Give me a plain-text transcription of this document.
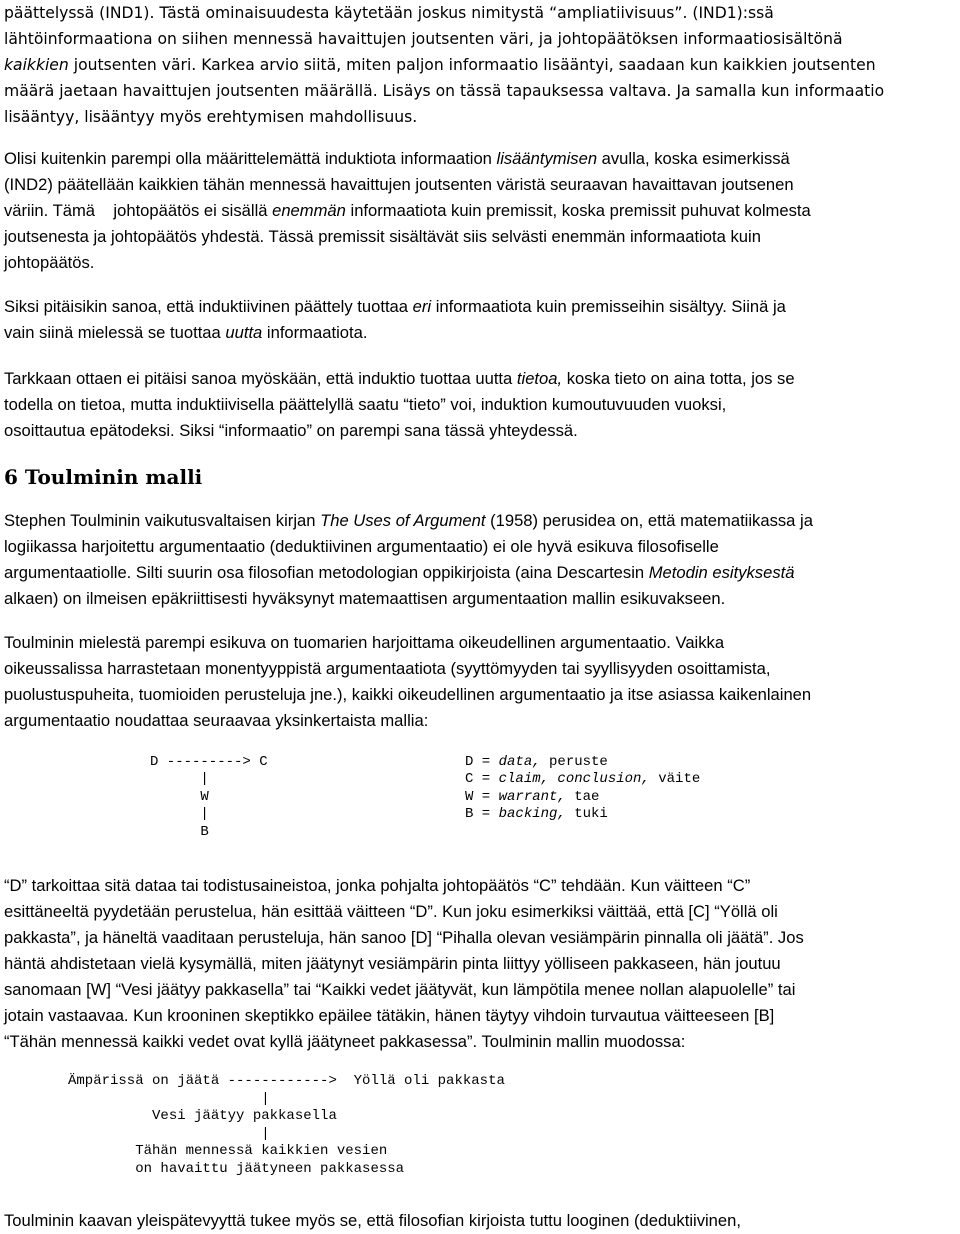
päättelyssä (IND1). Tästä ominaisuudesta käytetään joskus nimitystä “ampliatiivisuus”. (IND1):ssä

lähtöinformaationa on siihen mennessä havaittujen joutsenten väri, ja johtopäätöksen informaatiosisältönä

kaikkien joutsenten väri. Karkea arvio siitä, miten paljon informaatio lisääntyi, saadaan kun kaikkien joutsenten

määrä jaetaan havaittujen joutsenten määrällä. Lisäys on tässä tapauksessa valtava. Ja samalla kun informaatio

lisääntyy, lisääntyy myös erehtymisen mahdollisuus.

Olisi kuitenkin parempi olla määrittelemättä induktiota informaation lisääntymisen avulla, koska esimerkissä

(IND2) päätellään kaikkien tähän mennessä havaittujen joutsenten väristä seuraavan havaittavan joutsenen

väriin. Tämä    johtopäätös ei sisällä enemmän informaatiota kuin premissit, koska premissit puhuvat kolmesta

joutsenesta ja johtopäätös yhdestä. Tässä premissit sisältävät siis selvästi enemmän informaatiota kuin

johtopäätös.

Siksi pitäisikin sanoa, että induktiivinen päättely tuottaa eri informaatiota kuin premisseihin sisältyy. Siinä ja

vain siinä mielessä se tuottaa uutta informaatiota.

Tarkkaan ottaen ei pitäisi sanoa myöskään, että induktio tuottaa uutta tietoa, koska tieto on aina totta, jos se

todella on tietoa, mutta induktiivisella päättelyllä saatu “tieto” voi, induktion kumoutuvuuden vuoksi,

osoittautua epätodeksi. Siksi “informaatio” on parempi sana tässä yhteydessä.

6 Toulminin malli

Stephen Toulminin vaikutusvaltaisen kirjan The Uses of Argument (1958) perusidea on, että matematiikassa ja

logiikassa harjoitettu argumentaatio (deduktiivinen argumentaatio) ei ole hyvä esikuva filosofiselle

argumentaatiolle. Silti suurin osa filosofian metodologian oppikirjoista (aina Descartesin Metodin esityksestä

alkaen) on ilmeisen epäkriittisesti hyväksynyt matemaattisen argumentaation mallin esikuvakseen.

Toulminin mielestä parempi esikuva on tuomarien harjoittama oikeudellinen argumentaatio. Vaikka

oikeussalissa harrastetaan monentyyppistä argumentaatiota (syyttömyyden tai syyllisyyden osoittamista,

puolustuspuheita, tuomioiden perusteluja jne.), kaikki oikeudellinen argumentaatio ja itse asiassa kaikenlainen

argumentaatio noudattaa seuraavaa yksinkertaista mallia:

D ---------> C
|
W
|
B
D = data, peruste
C = claim, conclusion, väite
W = warrant, tae
B = backing, tuki

“D” tarkoittaa sitä dataa tai todistusaineistoa, jonka pohjalta johtopäätös “C” tehdään. Kun väitteen “C”

esittäneeltä pyydetään perustelua, hän esittää väitteen “D”. Kun joku esimerkiksi väittää, että [C] “Yöllä oli

pakkasta”, ja häneltä vaaditaan perusteluja, hän sanoo [D] “Pihalla olevan vesiämpärin pinnalla oli jäätä”. Jos

häntä ahdistetaan vielä kysymällä, miten jäätynyt vesiämpärin pinta liittyy yölliseen pakkaseen, hän joutuu

sanomaan [W] “Vesi jäätyy pakkasella” tai “Kaikki vedet jäätyvät, kun lämpötila menee nollan alapuolelle” tai

jotain vastaavaa. Kun krooninen skeptikko epäilee tätäkin, hänen täytyy vihdoin turvautua väitteeseen [B]

“Tähän mennessä kaikki vedet ovat kyllä jäätyneet pakkasessa”. Toulminin mallin muodossa:

Ämpärissä on jäätä ------------>  Yöllä oli pakkasta
|
Vesi jäätyy pakkasella
|
Tähän mennessä kaikkien vesien
on havaittu jäätyneen pakkasessa

Toulminin kaavan yleispätevyyttä tukee myös se, että filosofian kirjoista tuttu looginen (deduktiivinen,
